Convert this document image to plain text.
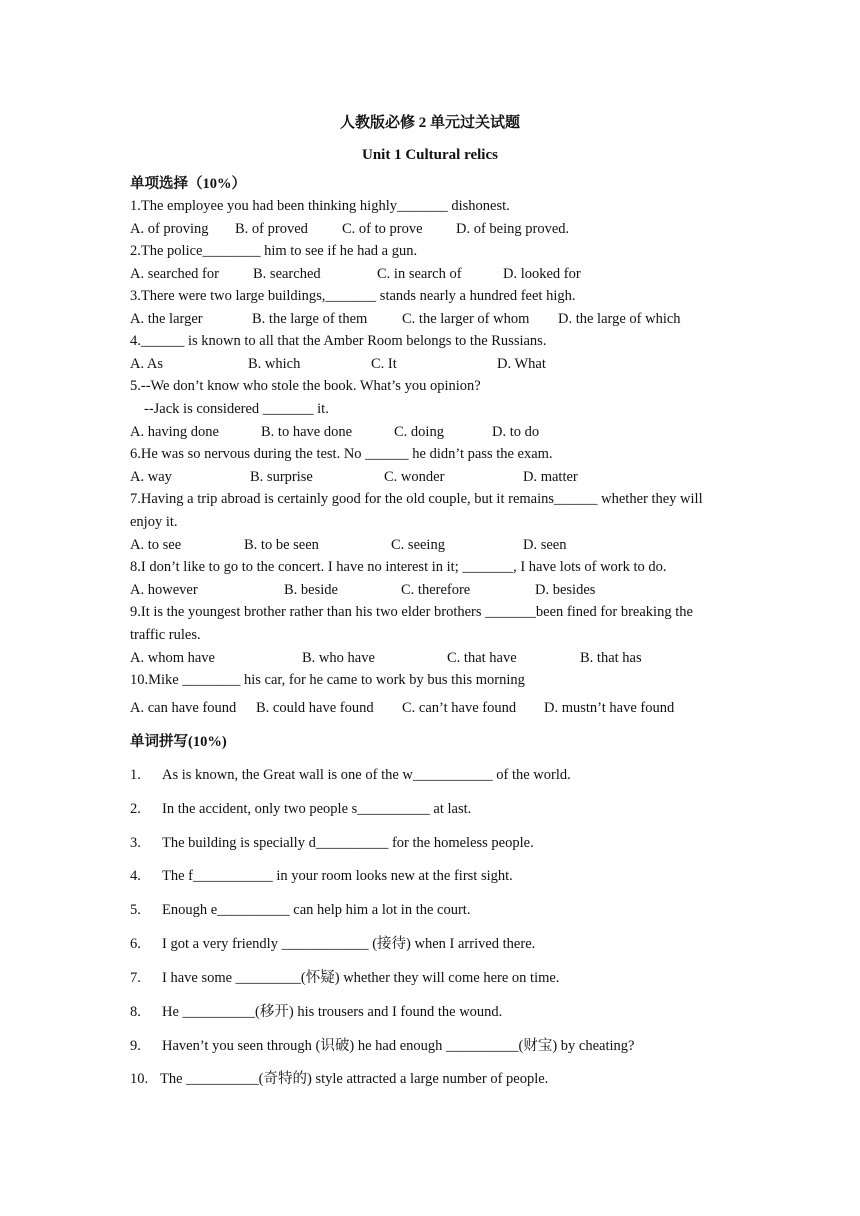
人教版必修 2 单元过关试题
Unit 1 Cultural relics
单项选择（10%）
1.The employee you had been thinking highly_______ dishonest.
A. of proving B. of proved C. of to prove D. of being proved.
2.The police________ him to see if he had a gun.
A. searched for B. searched	C. in search of	D. looked for
3.There were two large buildings,_______ stands nearly a hundred feet high.
A. the larger	B. the large of them C. the larger of whom D. the large of which
4.______ is known to all that the Amber Room belongs to the Russians.
A. As	B. which	C. It	D. What
5.--We don’t know who stole the book. What’s you opinion?
--Jack is considered _______ it.
A. having done	B. to have done	C. doing	D. to do
6.He was so nervous during the test. No ______ he didn’t pass the exam.
A. way	B. surprise	C. wonder	D. matter
7.Having a trip abroad is certainly good for the old couple, but it remains______ whether they will
enjoy it.
A. to see	B. to be seen	C. seeing	D. seen
8.I don’t like to go to the concert. I have no interest in it; _______, I have lots of work to do.
A. however	B. beside	C. therefore	D. besides
9.It is the youngest brother rather than his two elder brothers _______been fined for breaking the
traffic rules.
A. whom have	B. who have	C. that have	B. that has
10.Mike ________ his car, for he came to work by bus this morning
A. can have found B. could have found C. can’t have found D. mustn’t have found
单词拼写(10%)
1. As is known, the Great wall is one of the w___________ of the world.
2. In the accident, only two people s__________ at last.
3. The building is specially d__________ for the homeless people.
4. The f___________ in your room looks new at the first sight.
5. Enough e__________ can help him a lot in the court.
6. I got a very friendly ____________ (接待) when I arrived there.
7. I have some _________(怀疑) whether they will come here on time.
8. He __________(移开) his trousers and I found the wound.
9. Haven’t you seen through (识破) he had enough __________(财宝) by cheating?
10. The __________(奇特的) style attracted a large number of people.
